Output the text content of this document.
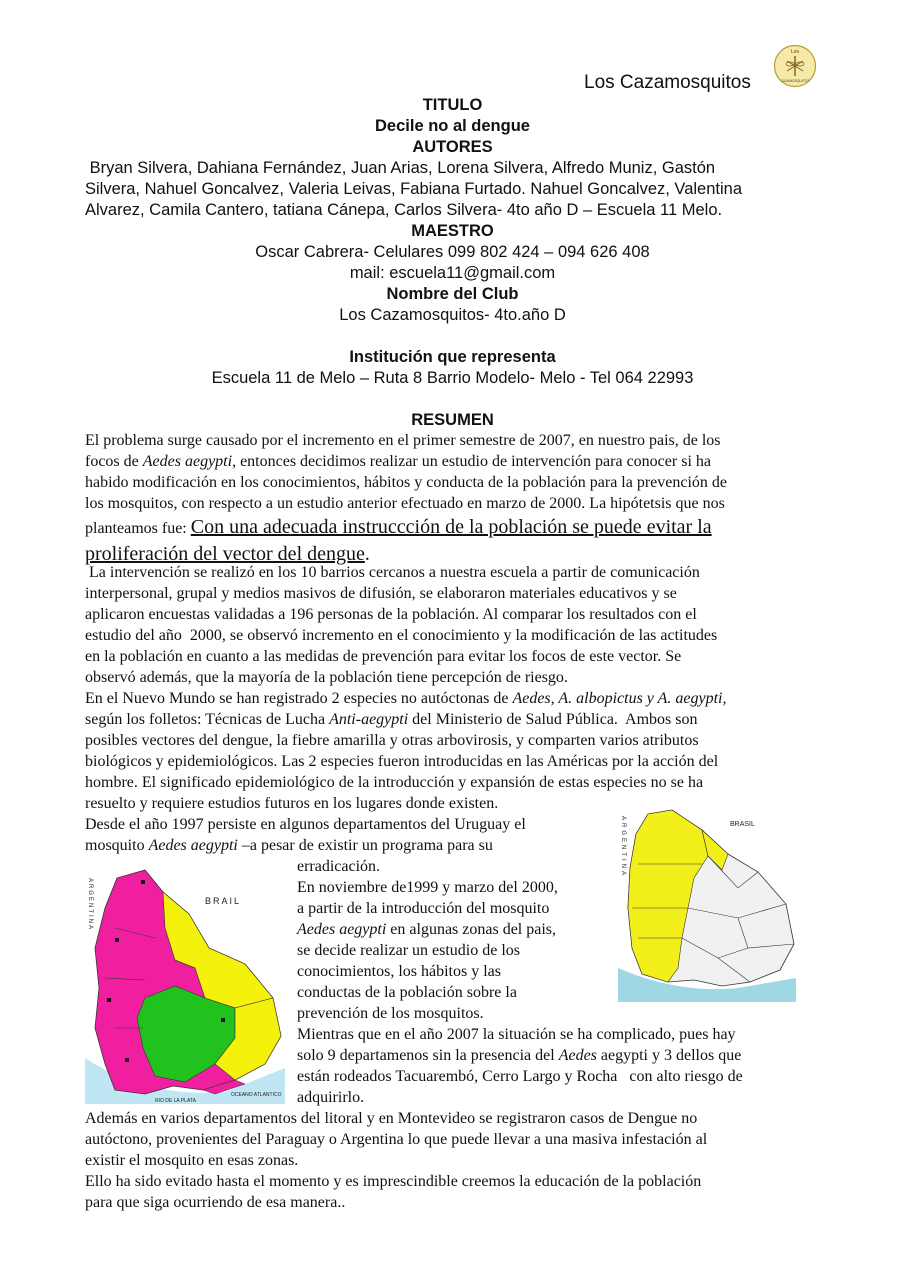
Los Cazamosquitos
Los
CAZAMOSQUITOS
TITULO
Decile no al dengue
AUTORES
Bryan Silvera, Dahiana Fernández, Juan Arias, Lorena Silvera, Alfredo Muniz, Gastón
Silvera, Nahuel Goncalvez, Valeria Leivas, Fabiana Furtado. Nahuel Goncalvez, Valentina
Alvarez, Camila Cantero, tatiana Cánepa, Carlos Silvera- 4to año D – Escuela 11 Melo.
MAESTRO
Oscar Cabrera- Celulares 099 802 424 – 094 626 408
mail: escuela11@gmail.com
Nombre del Club
Los Cazamosquitos- 4to.año D
Institución que representa
Escuela 11 de Melo – Ruta 8 Barrio Modelo- Melo - Tel 064 22993
RESUMEN
El problema surge causado por el incremento en el primer semestre de 2007, en nuestro pais, de los
focos de Aedes aegypti, entonces decidimos realizar un estudio de intervención para conocer si ha
habido modificación en los conocimientos, hábitos y conducta de la población para la prevención de
los mosquitos, con respecto a un estudio anterior efectuado en marzo de 2000. La hipótetsis que nos
planteamos fue: Con una adecuada instruccción de la población se puede evitar la
proliferación del vector del dengue.
La intervención se realizó en los 10 barrios cercanos a nuestra escuela a partir de comunicación
interpersonal, grupal y medios masivos de difusión, se elaboraron materiales educativos y se
aplicaron encuestas validadas a 196 personas de la población. Al comparar los resultados con el
estudio del año  2000, se observó incremento en el conocimiento y la modificación de las actitudes
en la población en cuanto a las medidas de prevención para evitar los focos de este vector. Se
observó además, que la mayoría de la población tiene percepción de riesgo.
En el Nuevo Mundo se han registrado 2 especies no autóctonas de Aedes, A. albopictus y A. aegypti,
según los folletos: Técnicas de Lucha Anti-aegypti del Ministerio de Salud Pública.  Ambos son
posibles vectores del dengue, la fiebre amarilla y otras arbovirosis, y comparten varios atributos
biológicos y epidemiológicos. Las 2 especies fueron introducidas en las Américas por la acción del
hombre. El significado epidemiológico de la introducción y expansión de estas especies no se ha
resuelto y requiere estudios futuros en los lugares donde existen.
Desde el año 1997 persiste en algunos departamentos del Uruguay el
mosquito Aedes aegypti –a pesar de existir un programa para su
erradicación.
En noviembre de1999 y marzo del 2000,
a partir de la introducción del mosquito
Aedes aegypti en algunas zonas del pais,
se decide realizar un estudio de los
conocimientos, los hábitos y las
conductas de la población sobre la
prevención de los mosquitos.
Mientras que en el año 2007 la situación se ha complicado, pues hay
solo 9 departamenos sin la presencia del Aedes aegypti y 3 dellos que
están rodeados Tacuarembó, Cerro Largo y Rocha   con alto riesgo de
adquirirlo.
Además en varios departamentos del litoral y en Montevideo se registraron casos de Dengue no
autóctono, provenientes del Paraguay o Argentina lo que puede llevar a una masiva infestación al
existir el mosquito en esas zonas.
Ello ha sido evitado hasta el momento y es imprescindible creemos la educación de la población
para que siga ocurriendo de esa manera..
BRAIL
ARGENTINA
OCEANO ATLANTICO
RIO DE LA PLATA
BRASIL
ARGENTINA
